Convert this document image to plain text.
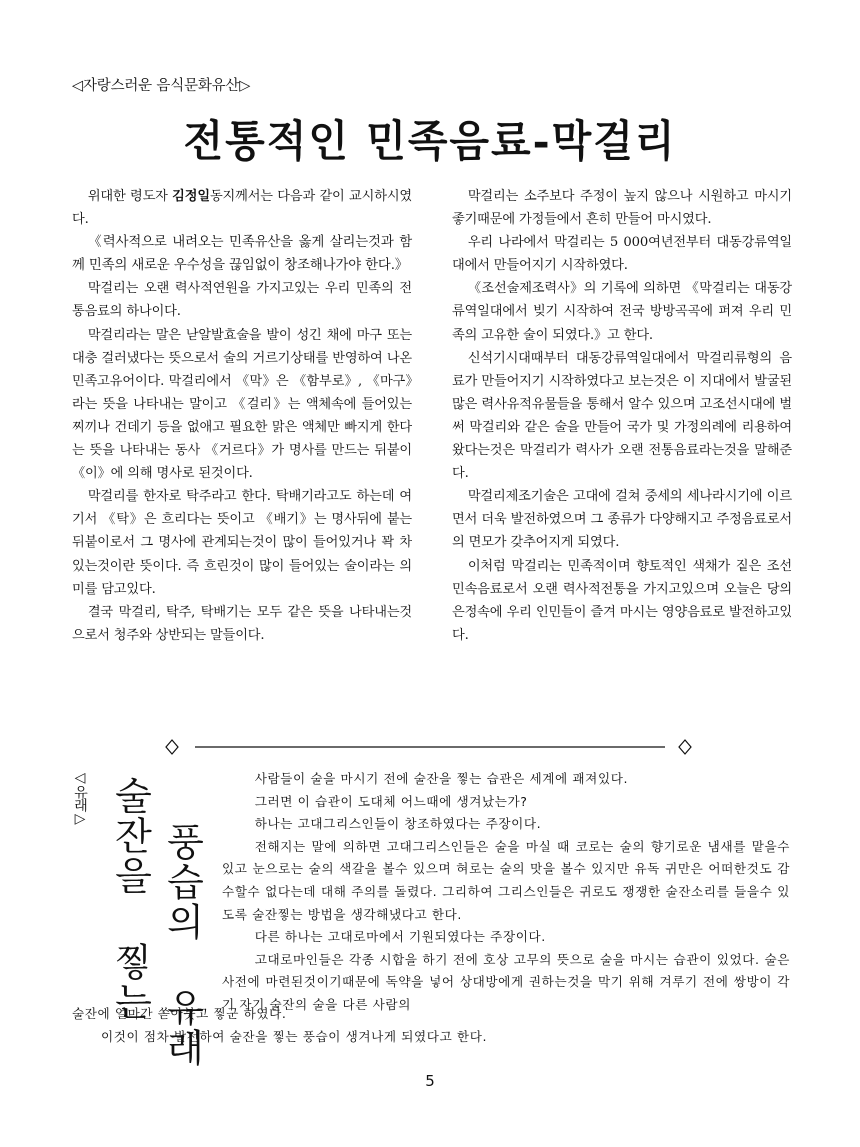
◁자랑스러운 음식문화유산▷
전통적인 민족음료-막걸리

위대한 령도자 김정일동지께서는 다음과 같이 교시하시였다.

《력사적으로 내려오는 민족유산을 옳게 살리는것과 함께 민족의 새로운 우수성을 끊임없이 창조해나가야 한다.》

막걸리는 오랜 력사적연원을 가지고있는 우리 민족의 전통음료의 하나이다.

막걸리라는 말은 낟알발효술을 발이 성긴 채에 마구 또는 대충 걸러냈다는 뜻으로서 술의 거르기상태를 반영하여 나온 민족고유어이다. 막걸리에서 《막》은 《함부로》, 《마구》라는 뜻을 나타내는 말이고 《걸리》는 액체속에 들어있는 찌끼나 건데기 등을 없애고 필요한 맑은 액체만 빠지게 한다는 뜻을 나타내는 동사 《거르다》가 명사를 만드는 뒤붙이 《이》에 의해 명사로 된것이다.

막걸리를 한자로 탁주라고 한다. 탁배기라고도 하는데 여기서 《탁》은 흐리다는 뜻이고 《배기》는 명사뒤에 붙는 뒤붙이로서 그 명사에 관계되는것이 많이 들어있거나 꽉 차있는것이란 뜻이다. 즉 흐린것이 많이 들어있는 술이라는 의미를 담고있다.

결국 막걸리, 탁주, 탁배기는 모두 같은 뜻을 나타내는것으로서 청주와 상반되는 말들이다.

막걸리는 소주보다 주정이 높지 않으나 시원하고 마시기 좋기때문에 가정들에서 흔히 만들어 마시였다.

우리 나라에서 막걸리는 5 000여년전부터 대동강류역일대에서 만들어지기 시작하였다.

《조선술제조력사》의 기록에 의하면 《막걸리는 대동강류역일대에서 빚기 시작하여 전국 방방곡곡에 퍼져 우리 민족의 고유한 술이 되였다.》고 한다.

신석기시대때부터 대동강류역일대에서 막걸리류형의 음료가 만들어지기 시작하였다고 보는것은 이 지대에서 발굴된 많은 력사유적유물들을 통해서 알수 있으며 고조선시대에 벌써 막걸리와 같은 술을 만들어 국가 및 가정의례에 리용하여왔다는것은 막걸리가 력사가 오랜 전통음료라는것을 말해준다.

막걸리제조기술은 고대에 걸쳐 중세의 세나라시기에 이르면서 더욱 발전하였으며 그 종류가 다양해지고 주정음료로서의 면모가 갖추어지게 되였다.

이처럼 막걸리는 민족적이며 향토적인 색채가 짙은 조선민속음료로서 오랜 력사적전통을 가지고있으며 오늘은 당의 은정속에 우리 인민들이 즐겨 마시는 영양음료로 발전하고있다.

◁유래▷ 술잔을 찧는 풍습의 유래

사람들이 술을 마시기 전에 술잔을 찧는 습관은 세계에 괘져있다.

그러면 이 습관이 도대체 어느때에 생겨났는가?

하나는 고대그리스인들이 창조하였다는 주장이다.

전해지는 말에 의하면 고대그리스인들은 술을 마실 때 코로는 술의 향기로운 냄새를 맡을수 있고 눈으로는 술의 색갈을 볼수 있으며 혀로는 술의 맛을 볼수 있지만 유독 귀만은 어떠한것도 감수할수 없다는데 대해 주의를 돌렸다. 그리하여 그리스인들은 귀로도 쟁쟁한 술잔소리를 들을수 있도록 술잔찧는 방법을 생각해냈다고 한다.

다른 하나는 고대로마에서 기원되였다는 주장이다.

고대로마인들은 각종 시합을 하기 전에 호상 고무의 뜻으로 술을 마시는 습관이 있었다. 술은 사전에 마련된것이기때문에 독약을 넣어 상대방에게 권하는것을 막기 위해 겨루기 전에 쌍방이 각기 자기 술잔의 술을 다른 사람의

술잔에 얼마간 쏟아붓고 찧군 하였다.

이것이 점차 발전하여 술잔을 찧는 풍습이 생겨나게 되였다고 한다.

5
